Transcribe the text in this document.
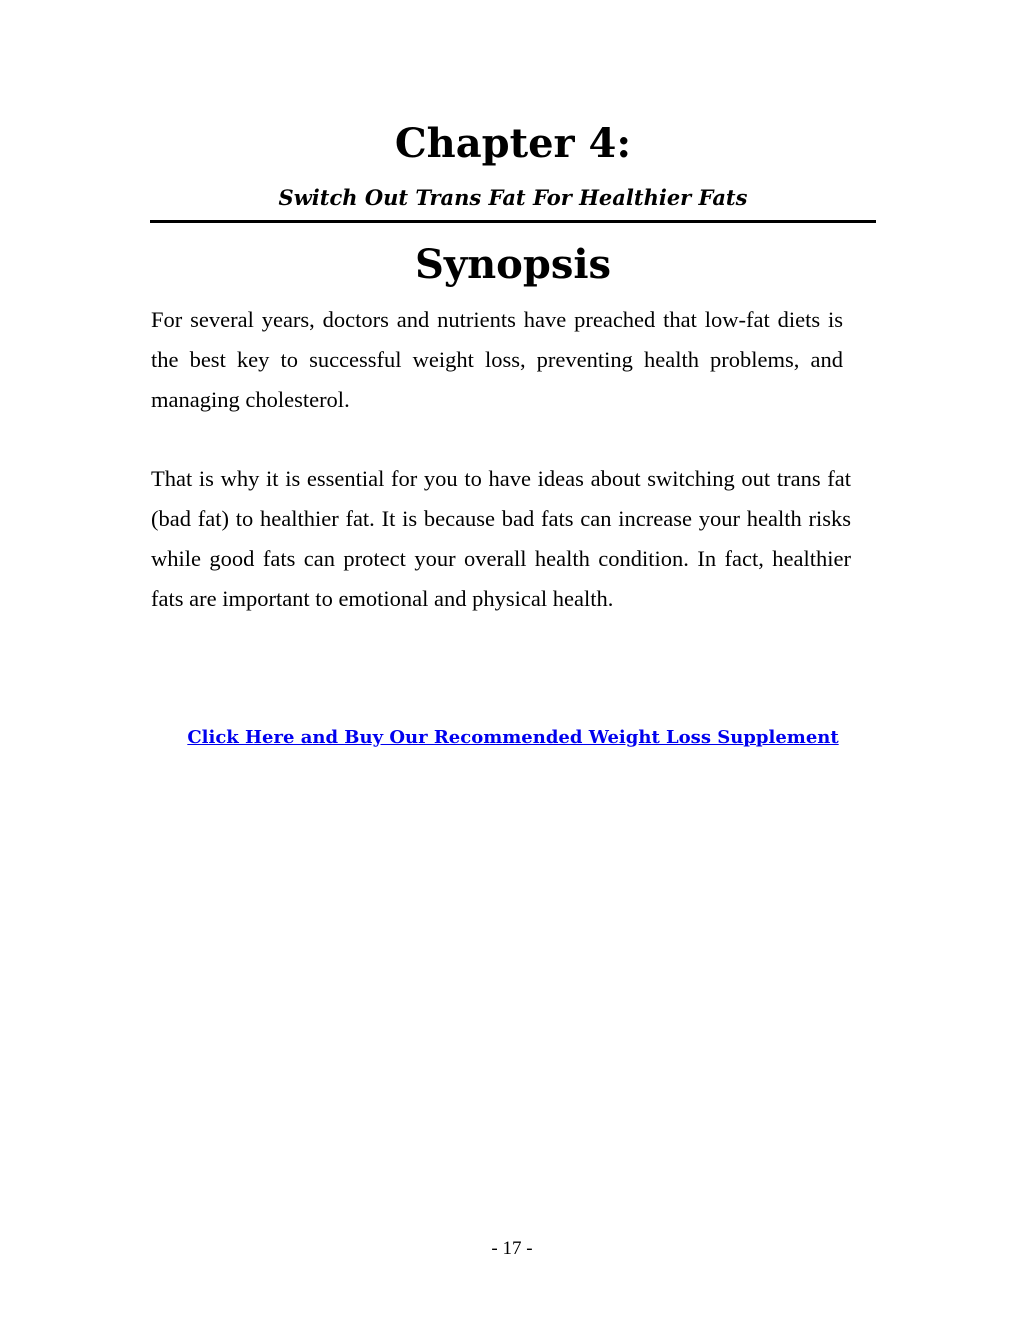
Chapter 4:
Switch Out Trans Fat For Healthier Fats
Synopsis

For several years, doctors and nutrients have preached that low-fat diets is the best key to successful weight loss, preventing health problems, and managing cholesterol.

That is why it is essential for you to have ideas about switching out trans fat (bad fat) to healthier fat. It is because bad fats can increase your health risks while good fats can protect your overall health condition. In fact, healthier fats are important to emotional and physical health.

Click Here and Buy Our Recommended Weight Loss Supplement

- 17 -
